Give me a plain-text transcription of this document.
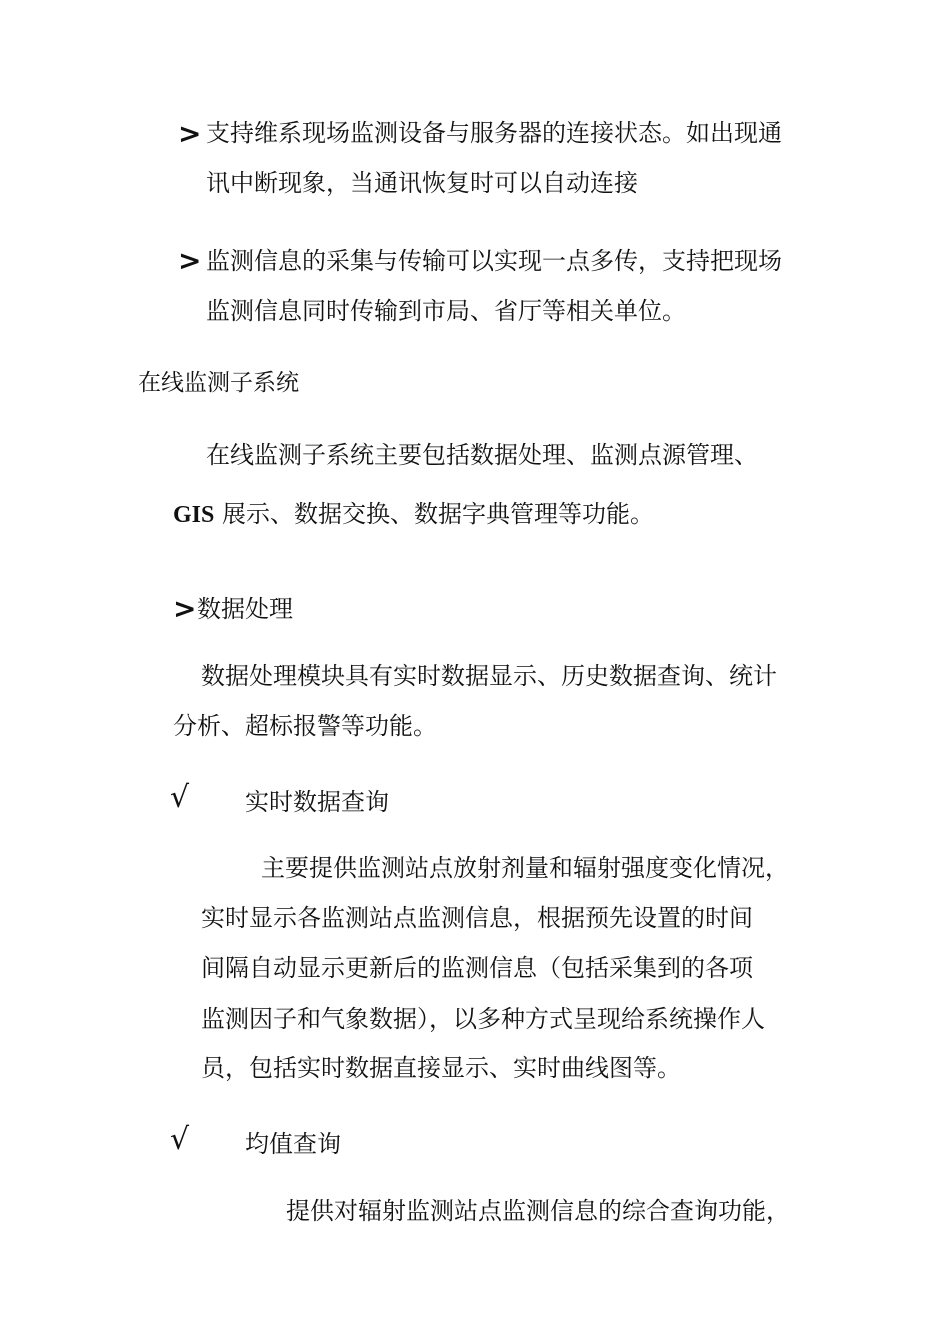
> 支持维系现场监测设备与服务器的连接状态。如出现通
讯中断现象，当通讯恢复时可以自动连接
> 监测信息的采集与传输可以实现一点多传，支持把现场
监测信息同时传输到市局、省厅等相关单位。
在线监测子系统
在线监测子系统主要包括数据处理、监测点源管理、
GIS 展示、数据交换、数据字典管理等功能。
> 数据处理
数据处理模块具有实时数据显示、历史数据查询、统计
分析、超标报警等功能。
√ 实时数据查询
主要提供监测站点放射剂量和辐射强度变化情况，
实时显示各监测站点监测信息，根据预先设置的时间
间隔自动显示更新后的监测信息（包括采集到的各项
监测因子和气象数据），以多种方式呈现给系统操作人
员，包括实时数据直接显示、实时曲线图等。
√ 均值查询
提供对辐射监测站点监测信息的综合查询功能，
